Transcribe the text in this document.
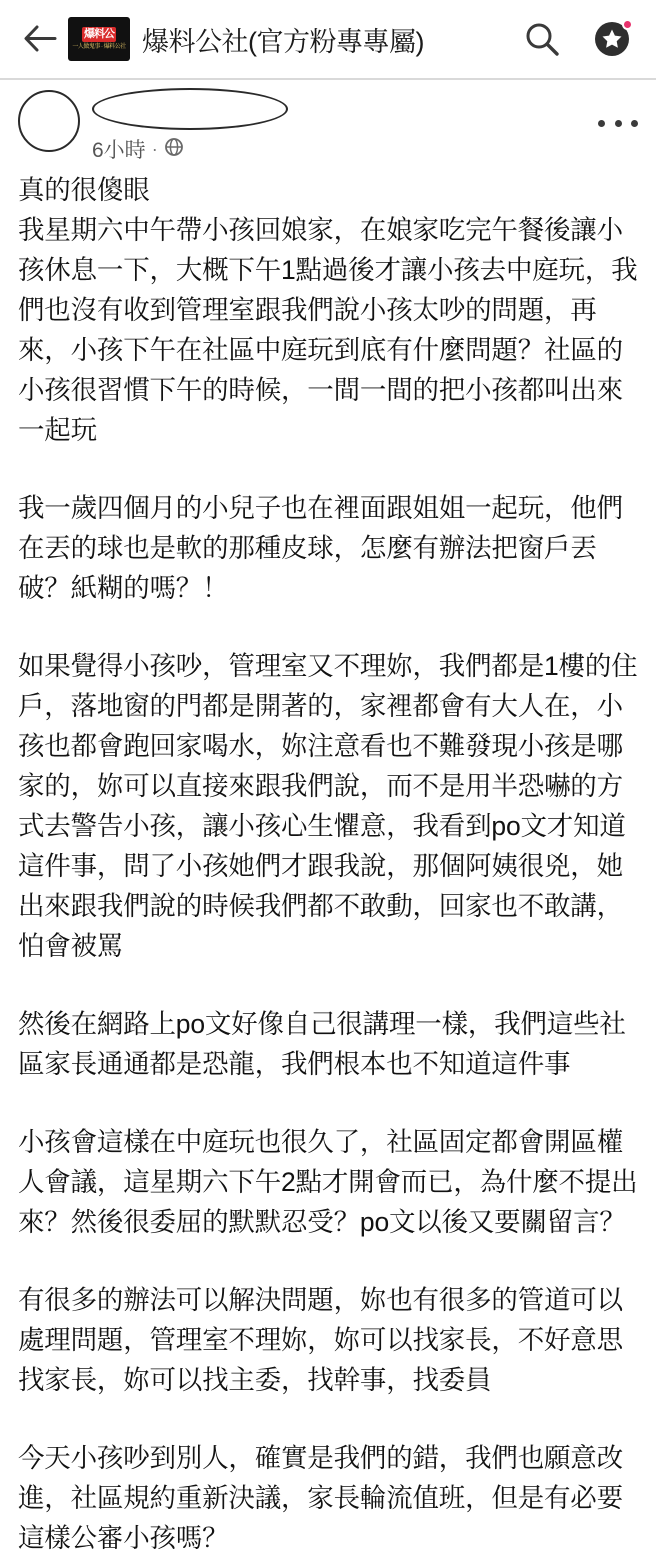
爆料公
一人做鬼事 · 爆料公社 爆料公社(官方粉專專屬)
6小時 ·

真的很傻眼

我星期六中午帶小孩回娘家，在娘家吃完午餐後讓小孩休息一下，大概下午1點過後才讓小孩去中庭玩，我們也沒有收到管理室跟我們說小孩太吵的問題，再來，小孩下午在社區中庭玩到底有什麼問題？社區的小孩很習慣下午的時候，一間一間的把小孩都叫出來一起玩

我一歲四個月的小兒子也在裡面跟姐姐一起玩，他們在丟的球也是軟的那種皮球，怎麼有辦法把窗戶丟破？紙糊的嗎？！

如果覺得小孩吵，管理室又不理妳，我們都是1樓的住戶，落地窗的門都是開著的，家裡都會有大人在，小孩也都會跑回家喝水，妳注意看也不難發現小孩是哪家的，妳可以直接來跟我們說，而不是用半恐嚇的方式去警告小孩，讓小孩心生懼意，我看到po文才知道這件事，問了小孩她們才跟我說，那個阿姨很兇，她出來跟我們說的時候我們都不敢動，回家也不敢講，怕會被罵

然後在網路上po文好像自己很講理一樣，我們這些社區家長通通都是恐龍，我們根本也不知道這件事

小孩會這樣在中庭玩也很久了，社區固定都會開區權人會議，這星期六下午2點才開會而已，為什麼不提出來？然後很委屈的默默忍受？po文以後又要關留言？

有很多的辦法可以解決問題，妳也有很多的管道可以處理問題，管理室不理妳，妳可以找家長，不好意思找家長，妳可以找主委，找幹事，找委員

今天小孩吵到別人，確實是我們的錯，我們也願意改進，社區規約重新決議，家長輪流值班，但是有必要這樣公審小孩嗎？
